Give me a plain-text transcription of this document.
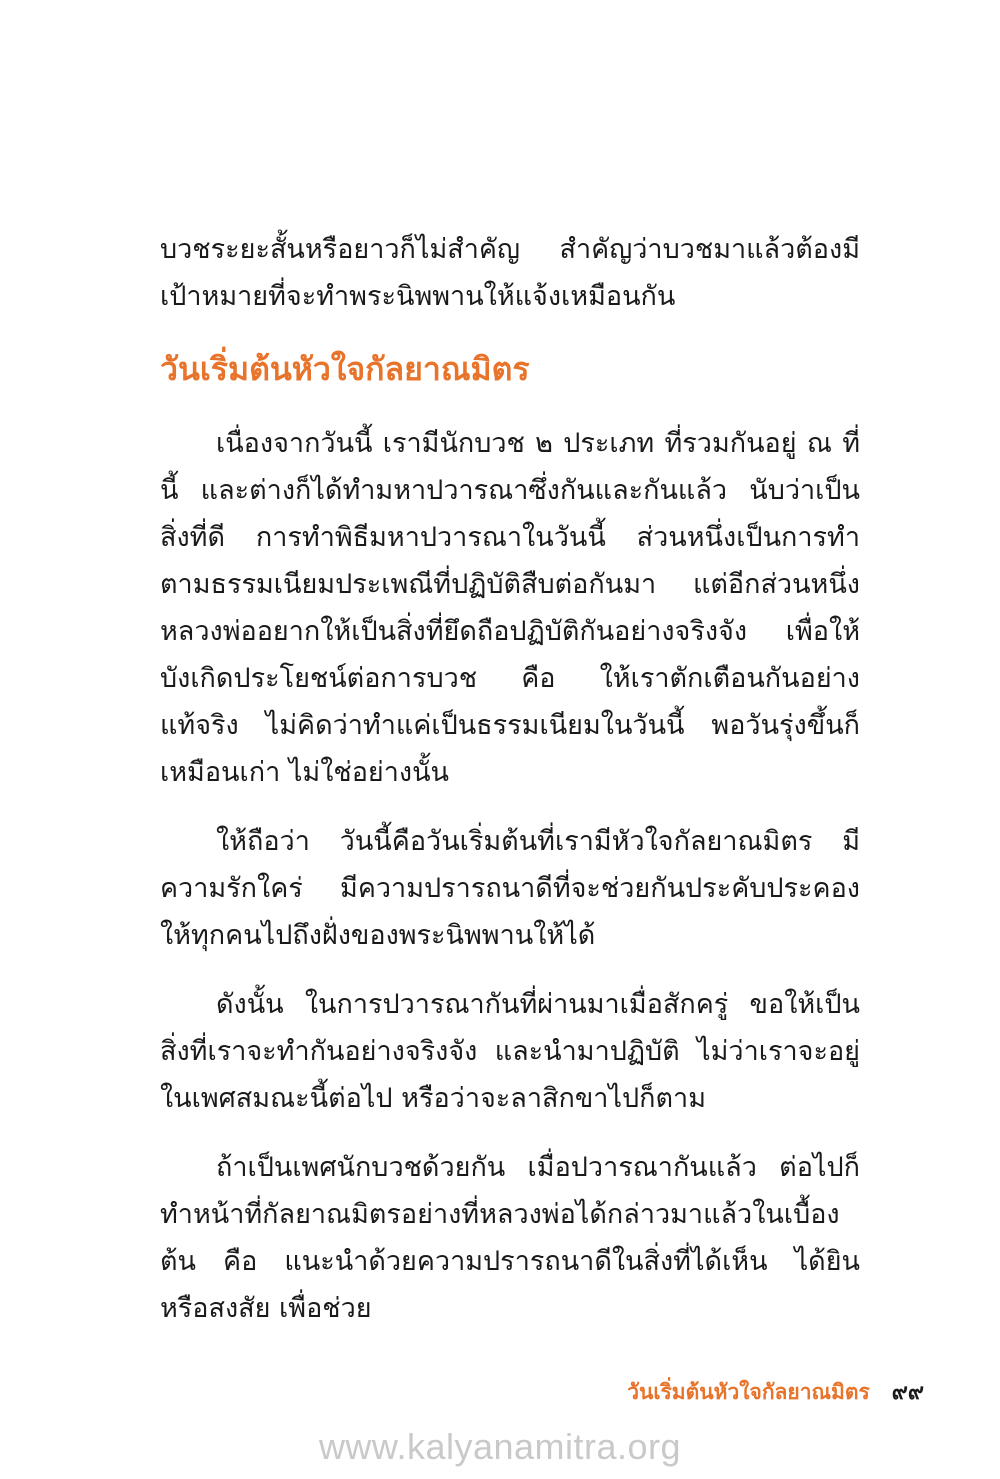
บวชระยะสั้นหรือยาวก็ไม่สำคัญ สำคัญว่าบวชมาแล้วต้องมีเป้าหมายที่จะทำพระนิพพานให้แจ้งเหมือนกัน

วันเริ่มต้นหัวใจกัลยาณมิตร

เนื่องจากวันนี้ เรามีนักบวช ๒ ประเภท ที่รวมกันอยู่ ณ ที่นี้ และต่างก็ได้ทำมหาปวารณาซึ่งกันและกันแล้ว นับว่าเป็นสิ่งที่ดี การทำพิธีมหาปวารณาในวันนี้ ส่วนหนึ่งเป็นการทำตามธรรมเนียมประเพณีที่ปฏิบัติสืบต่อกันมา แต่อีกส่วนหนึ่งหลวงพ่ออยากให้เป็นสิ่งที่ยึดถือปฏิบัติกันอย่างจริงจัง เพื่อให้บังเกิดประโยชน์ต่อการบวช คือ ให้เราตักเตือนกันอย่างแท้จริง ไม่คิดว่าทำแค่เป็นธรรมเนียมในวันนี้ พอวันรุ่งขึ้นก็เหมือนเก่า ไม่ใช่อย่างนั้น

ให้ถือว่า วันนี้คือวันเริ่มต้นที่เรามีหัวใจกัลยาณมิตร มีความรักใคร่ มีความปรารถนาดีที่จะช่วยกันประคับประคองให้ทุกคนไปถึงฝั่งของพระนิพพานให้ได้

ดังนั้น ในการปวารณากันที่ผ่านมาเมื่อสักครู่ ขอให้เป็นสิ่งที่เราจะทำกันอย่างจริงจัง และนำมาปฏิบัติ ไม่ว่าเราจะอยู่ในเพศสมณะนี้ต่อไป หรือว่าจะลาสิกขาไปก็ตาม

ถ้าเป็นเพศนักบวชด้วยกัน เมื่อปวารณากันแล้ว ต่อไปก็ทำหน้าที่กัลยาณมิตรอย่างที่หลวงพ่อได้กล่าวมาแล้วในเบื้องต้น คือ แนะนำด้วยความปรารถนาดีในสิ่งที่ได้เห็น ได้ยิน หรือสงสัย เพื่อช่วย

วันเริ่มต้นหัวใจกัลยาณมิตร ๙๙
www.kalyanamitra.org
